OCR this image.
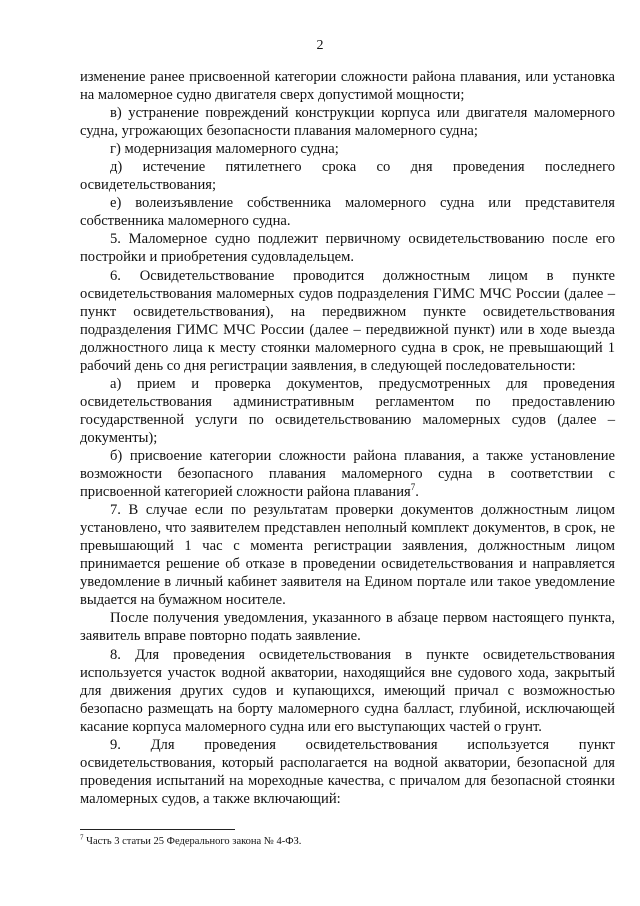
2

изменение ранее присвоенной категории сложности района плавания, или установка на маломерное судно двигателя сверх допустимой мощности;

в) устранение повреждений конструкции корпуса или двигателя маломерного судна, угрожающих безопасности плавания маломерного судна;

г) модернизация маломерного судна;

д) истечение пятилетнего срока со дня проведения последнего освидетельствования;

е) волеизъявление собственника маломерного судна или представителя собственника маломерного судна.

5. Маломерное судно подлежит первичному освидетельствованию после его постройки и приобретения судовладельцем.

6. Освидетельствование проводится должностным лицом в пункте освидетельствования маломерных судов подразделения ГИМС МЧС России (далее – пункт освидетельствования), на передвижном пункте освидетельствования подразделения ГИМС МЧС России (далее – передвижной пункт) или в ходе выезда должностного лица к месту стоянки маломерного судна в срок, не превышающий 1 рабочий день со дня регистрации заявления, в следующей последовательности:

а) прием и проверка документов, предусмотренных для проведения освидетельствования административным регламентом по предоставлению государственной услуги по освидетельствованию маломерных судов (далее – документы);

б) присвоение категории сложности района плавания, а также установление возможности безопасного плавания маломерного судна в соответствии с присвоенной категорией сложности района плавания$^7$.

7. В случае если по результатам проверки документов должностным лицом установлено, что заявителем представлен неполный комплект документов, в срок, не превышающий 1 час с момента регистрации заявления, должностным лицом принимается решение об отказе в проведении освидетельствования и направляется уведомление в личный кабинет заявителя на Едином портале или такое уведомление выдается на бумажном носителе.

После получения уведомления, указанного в абзаце первом настоящего пункта, заявитель вправе повторно подать заявление.

8. Для проведения освидетельствования в пункте освидетельствования используется участок водной акватории, находящийся вне судового хода, закрытый для движения других судов и купающихся, имеющий причал с возможностью безопасно размещать на борту маломерного судна балласт, глубиной, исключающей касание корпуса маломерного судна или его выступающих частей о грунт.

9. Для проведения освидетельствования используется пункт освидетельствования, который располагается на водной акватории, безопасной для проведения испытаний на мореходные качества, с причалом для безопасной стоянки маломерных судов, а также включающий:

$^7$ Часть 3 статьи 25 Федерального закона № 4-ФЗ.
